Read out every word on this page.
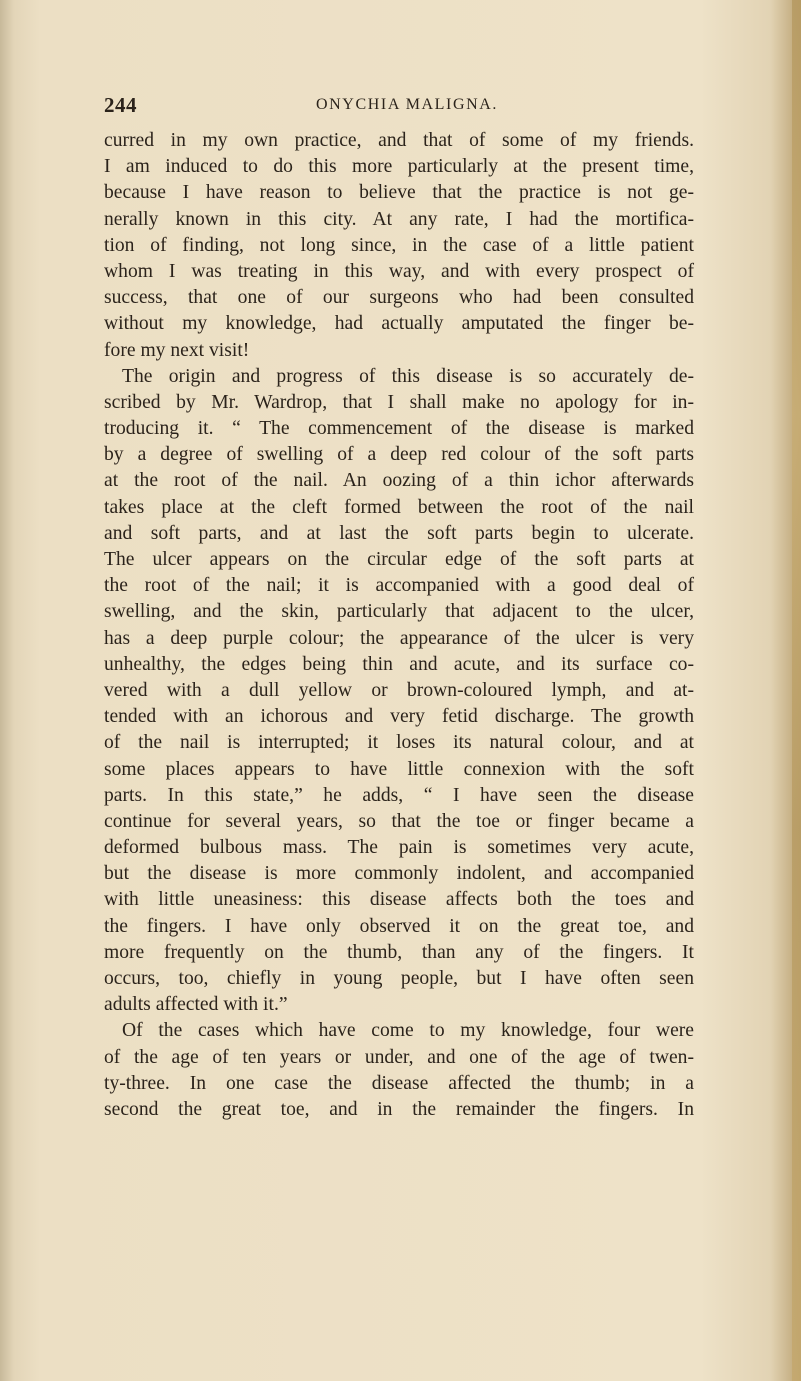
244	ONYCHIA MALIGNA.
curred in my own practice, and that of some of my friends.
I am induced to do this more particularly at the present time,
because I have reason to believe that the practice is not ge-
nerally known in this city. At any rate, I had the mortifica-
tion of finding, not long since, in the case of a little patient
whom I was treating in this way, and with every prospect of
success, that one of our surgeons who had been consulted
without my knowledge, had actually amputated the finger be-
fore my next visit!
The origin and progress of this disease is so accurately de-
scribed by Mr. Wardrop, that I shall make no apology for in-
troducing it. “ The commencement of the disease is marked
by a degree of swelling of a deep red colour of the soft parts
at the root of the nail. An oozing of a thin ichor afterwards
takes place at the cleft formed between the root of the nail
and soft parts, and at last the soft parts begin to ulcerate.
The ulcer appears on the circular edge of the soft parts at
the root of the nail; it is accompanied with a good deal of
swelling, and the skin, particularly that adjacent to the ulcer,
has a deep purple colour; the appearance of the ulcer is very
unhealthy, the edges being thin and acute, and its surface co-
vered with a dull yellow or brown-coloured lymph, and at-
tended with an ichorous and very fetid discharge. The growth
of the nail is interrupted; it loses its natural colour, and at
some places appears to have little connexion with the soft
parts. In this state,” he adds, “ I have seen the disease
continue for several years, so that the toe or finger became a
deformed bulbous mass. The pain is sometimes very acute,
but the disease is more commonly indolent, and accompanied
with little uneasiness: this disease affects both the toes and
the fingers. I have only observed it on the great toe, and
more frequently on the thumb, than any of the fingers. It
occurs, too, chiefly in young people, but I have often seen
adults affected with it.”
Of the cases which have come to my knowledge, four were
of the age of ten years or under, and one of the age of twen-
ty-three. In one case the disease affected the thumb; in a
second the great toe, and in the remainder the fingers. In
